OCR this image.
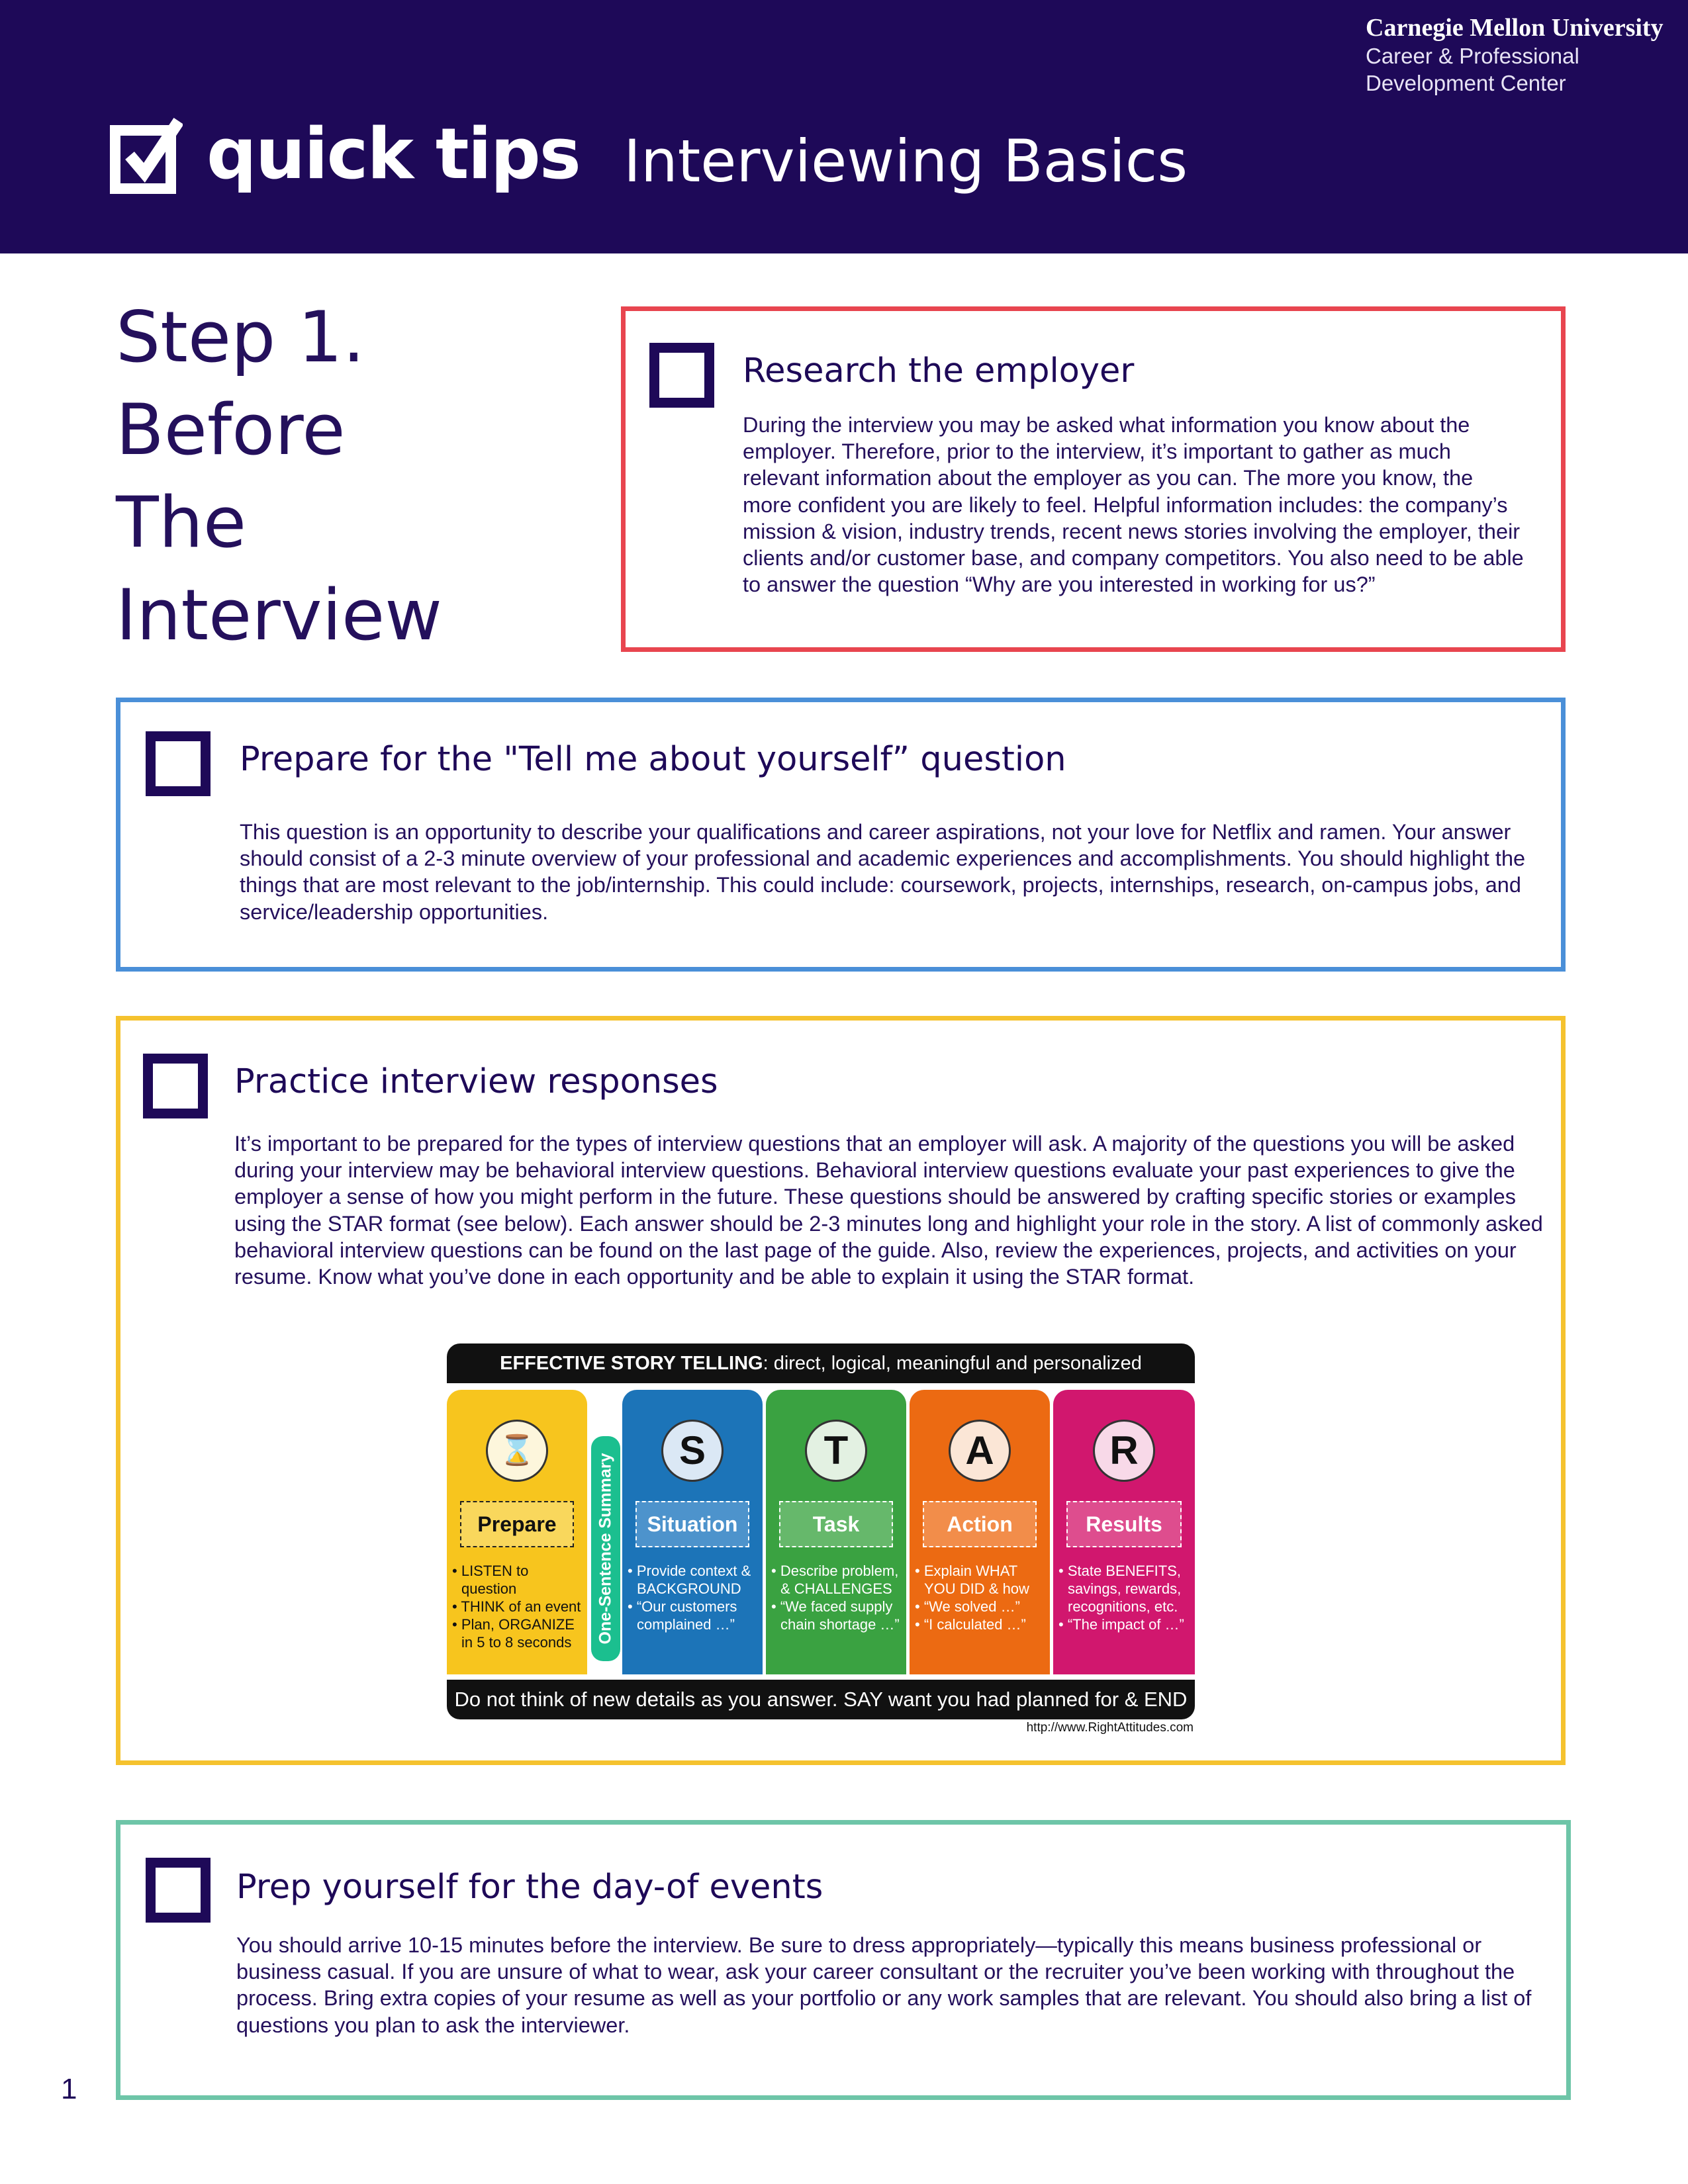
quick tips Interviewing Basics
Carnegie Mellon University
Career & Professional
Development Center
Step 1.
Before
The
Interview
Research the employer

During the interview you may be asked what information you know about the employer. Therefore, prior to the interview, it’s important to gather as much relevant information about the employer as you can. The more you know, the more confident you are likely to feel. Helpful information includes: the company’s mission & vision, industry trends, recent news stories involving the employer, their clients and/or customer base, and company competitors. You also need to be able to answer the question “Why are you interested in working for us?”

Prepare for the "Tell me about yourself” question

This question is an opportunity to describe your qualifications and career aspirations, not your love for Netflix and ramen. Your answer should consist of a 2-3 minute overview of your professional and academic experiences and accomplishments. You should highlight the things that are most relevant to the job/internship. This could include: coursework, projects, internships, research, on-campus jobs, and service/leadership opportunities.

Practice interview responses

It’s important to be prepared for the types of interview questions that an employer will ask. A majority of the questions you will be asked during your interview may be behavioral interview questions. Behavioral interview questions evaluate your past experiences to give the employer a sense of how you might perform in the future. These questions should be answered by crafting specific stories or examples using the STAR format (see below). Each answer should be 2-3 minutes long and highlight your role in the story. A list of commonly asked behavioral interview questions can be found on the last page of the guide. Also, review the experiences, projects, and activities on your resume. Know what you’ve done in each opportunity and be able to explain it using the STAR format.

EFFECTIVE STORY TELLING: direct, logical, meaningful and personalized
⌛
Prepare
• LISTEN to question
• THINK of an event
• Plan, ORGANIZE in 5 to 8 seconds	One-Sentence Summary
S
Situation
• Provide context & BACKGROUND
• “Our customers complained …”
T
Task
• Describe problem, & CHALLENGES
• “We faced supply chain shortage …”
A
Action
• Explain WHAT YOU DID & how
• “We solved …”
• “I calculated …”
R
Results
• State BENEFITS, savings, rewards, recognitions, etc.
• “The impact of …”
Do not think of new details as you answer. SAY want you had planned for & END
http://www.RightAttitudes.com
Prep yourself for the day-of events

You should arrive 10-15 minutes before the interview. Be sure to dress appropriately—typically this means business professional or business casual. If you are unsure of what to wear, ask your career consultant or the recruiter you’ve been working with throughout the process. Bring extra copies of your resume as well as your portfolio or any work samples that are relevant. You should also bring a list of questions you plan to ask the interviewer.

1
